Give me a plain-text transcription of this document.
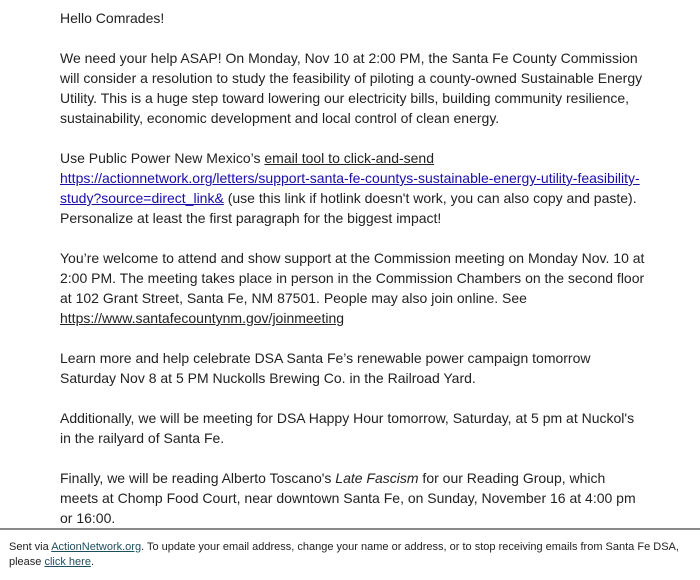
Hello Comrades!

We need your help ASAP! On Monday, Nov 10 at 2:00 PM, the Santa Fe County Commission will consider a resolution to study the feasibility of piloting a county-owned Sustainable Energy Utility. This is a huge step toward lowering our electricity bills, building community resilience, sustainability, economic development and local control of clean energy.

Use Public Power New Mexico’s email tool to click-and-send
https://actionnetwork.org/letters/support-santa-fe-countys-sustainable-energy-utility-feasibility-study?source=direct_link& (use this link if hotlink doesn't work, you can also copy and paste). Personalize at least the first paragraph for the biggest impact!

You’re welcome to attend and show support at the Commission meeting on Monday Nov. 10 at 2:00 PM. The meeting takes place in person in the Commission Chambers on the second floor at 102 Grant Street, Santa Fe, NM 87501. People may also join online. See
https://www.santafecountynm.gov/joinmeeting

Learn more and help celebrate DSA Santa Fe’s renewable power campaign tomorrow Saturday Nov 8 at 5 PM Nuckolls Brewing Co. in the Railroad Yard.

Additionally, we will be meeting for DSA Happy Hour tomorrow, Saturday, at 5 pm at Nuckol's in the railyard of Santa Fe.

Finally, we will be reading Alberto Toscano's Late Fascism for our Reading Group, which meets at Chomp Food Court, near downtown Santa Fe, on Sunday, November 16 at 4:00 pm or 16:00.

Sent via ActionNetwork.org. To update your email address, change your name or address, or to stop receiving emails from Santa Fe DSA, please click here.
